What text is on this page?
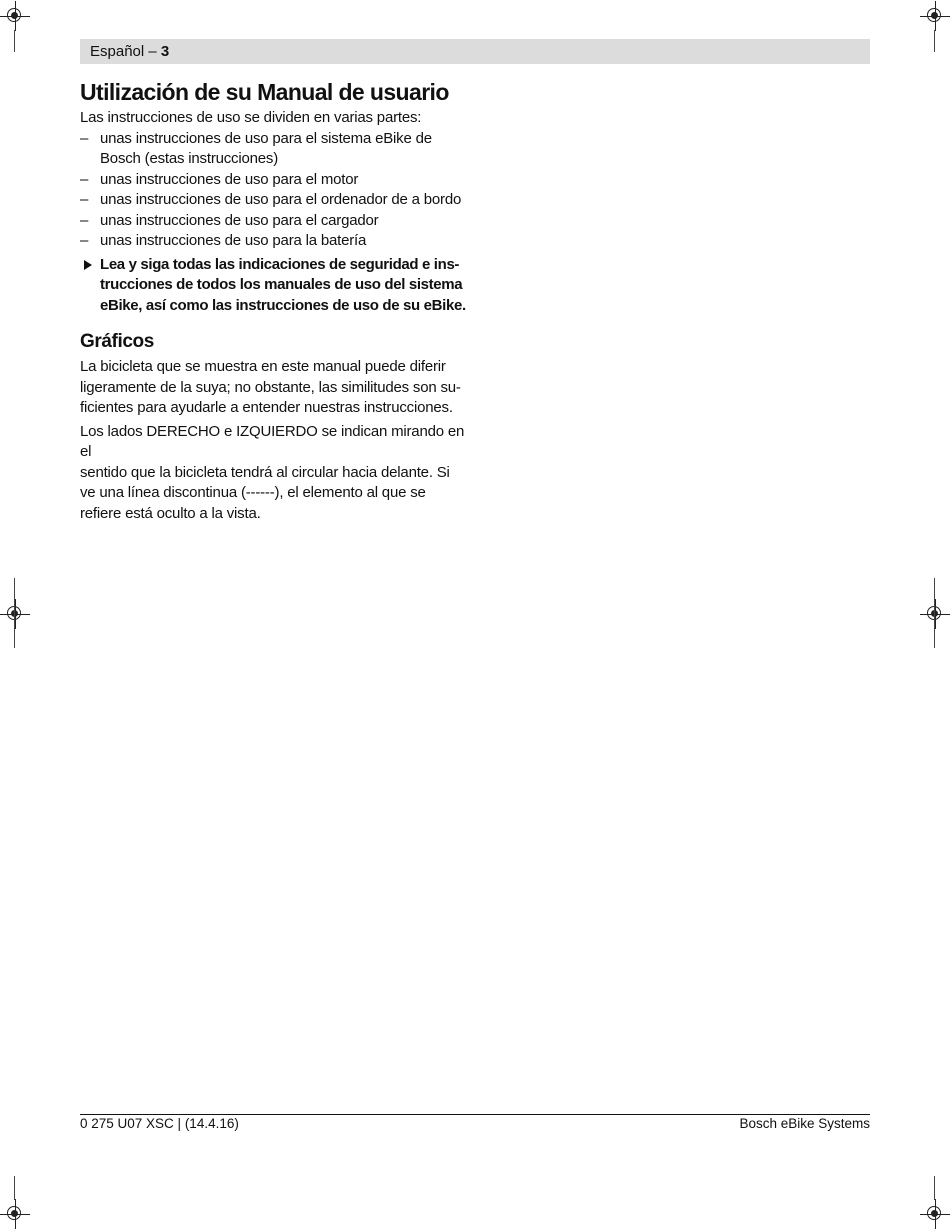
Español – 3
Utilización de su Manual de usuario

Las instrucciones de uso se dividen en varias partes:

– unas instrucciones de uso para el sistema eBike de
Bosch (estas instrucciones)
– unas instrucciones de uso para el motor
– unas instrucciones de uso para el ordenador de a bordo
– unas instrucciones de uso para el cargador
– unas instrucciones de uso para la batería
Lea y siga todas las indicaciones de seguridad e ins-
trucciones de todos los manuales de uso del sistema
eBike, así como las instrucciones de uso de su eBike.
Gráficos

La bicicleta que se muestra en este manual puede diferir
ligeramente de la suya; no obstante, las similitudes son su-
ficientes para ayudarle a entender nuestras instrucciones.

Los lados DERECHO e IZQUIERDO se indican mirando en el
sentido que la bicicleta tendrá al circular hacia delante. Si
ve una línea discontinua (------), el elemento al que se
refiere está oculto a la vista.

0 275 U07 XSC | (14.4.16)	Bosch eBike Systems
